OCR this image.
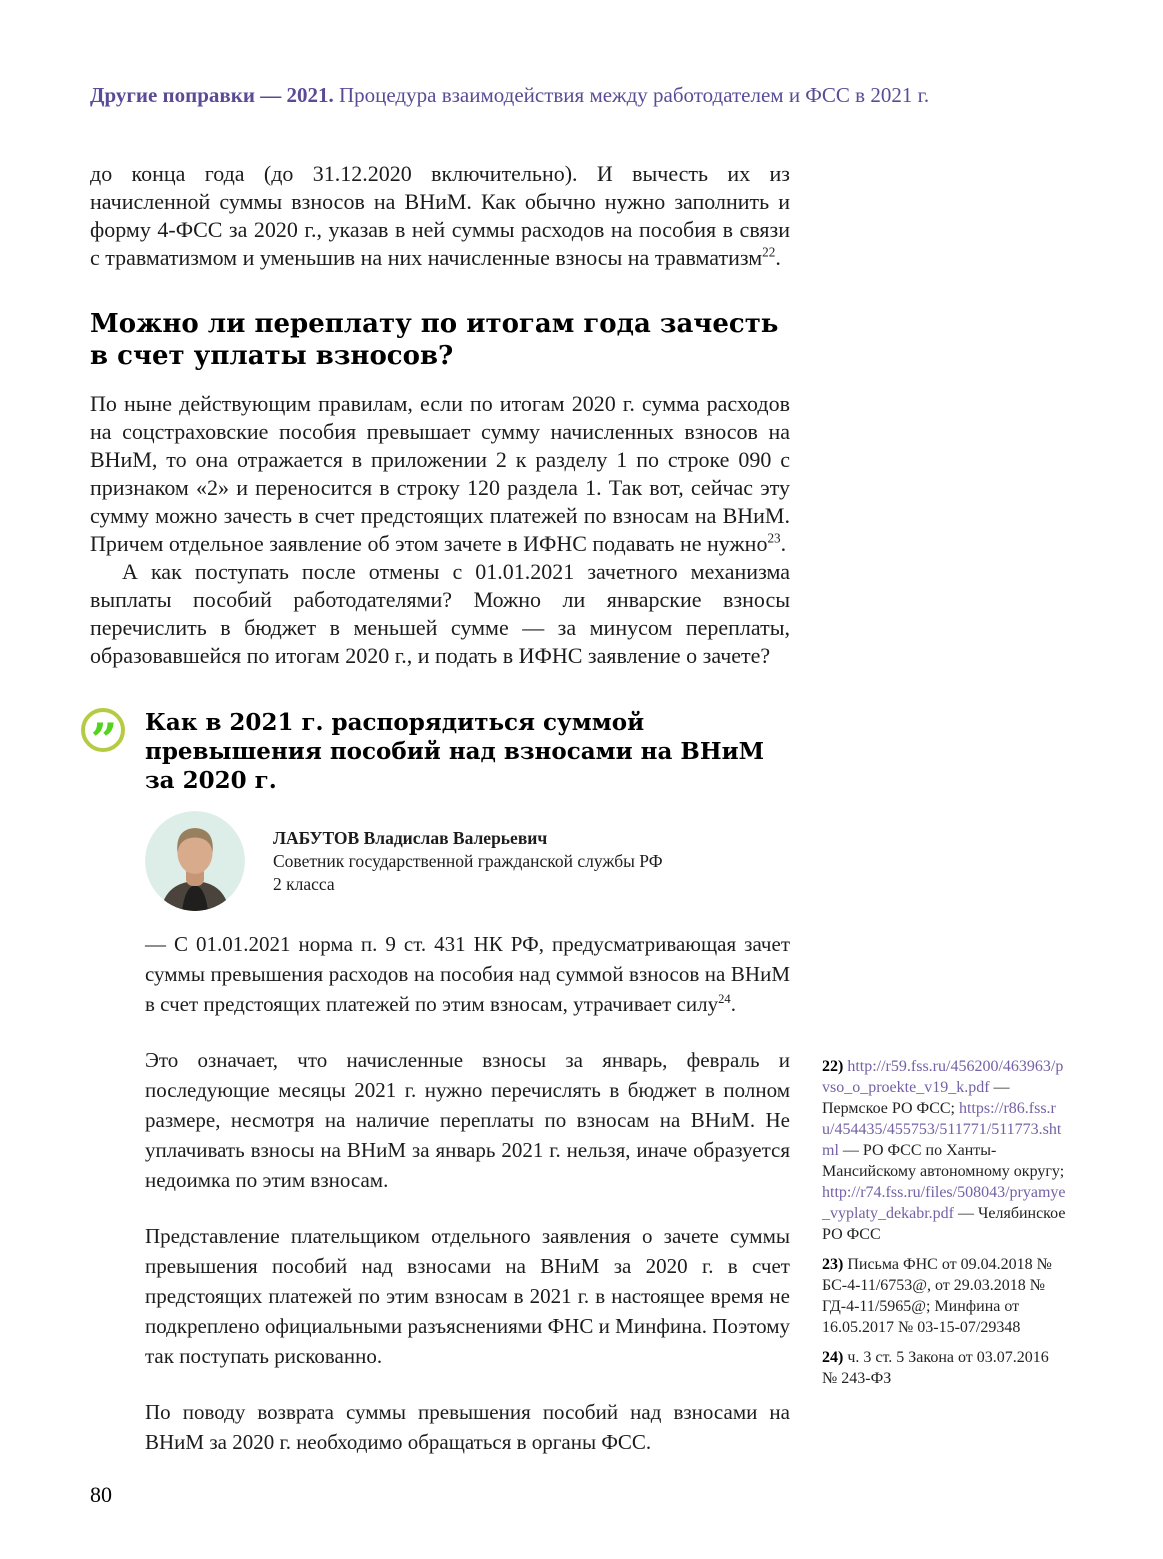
Другие поправки — 2021. Процедура взаимодействия между работодателем и ФСС в 2021 г.

до конца года (до 31.12.2020 включительно). И вычесть их из начисленной суммы взносов на ВНиМ. Как обычно нужно заполнить и форму 4-ФСС за 2020 г., указав в ней суммы расходов на пособия в связи с травматизмом и уменьшив на них начисленные взносы на травматизм$^{22}$.

Можно ли переплату по итогам года зачесть в счет уплаты взносов?

По ныне действующим правилам, если по итогам 2020 г. сумма расходов на соцстраховские пособия превышает сумму начисленных взносов на ВНиМ, то она отражается в приложении 2 к разделу 1 по строке 090 с признаком «2» и переносится в строку 120 раздела 1. Так вот, сейчас эту сумму можно зачесть в счет предстоящих платежей по взносам на ВНиМ. Причем отдельное заявление об этом зачете в ИФНС подавать не нужно$^{23}$.

А как поступать после отмены с 01.01.2021 зачетного механизма выплаты пособий работодателями? Можно ли январские взносы перечислить в бюджет в меньшей сумме — за минусом переплаты, образовавшейся по итогам 2020 г., и подать в ИФНС заявление о зачете?

” Как в 2021 г. распорядиться суммой превышения пособий над взносами на ВНиМ за 2020 г.
ЛАБУТОВ Владислав Валерьевич
Советник государственной гражданской службы РФ
2 класса

— С 01.01.2021 норма п. 9 ст. 431 НК РФ, предусматривающая зачет суммы превышения расходов на пособия над суммой взносов на ВНиМ в счет предстоящих платежей по этим взносам, утрачивает силу$^{24}$.

Это означает, что начисленные взносы за январь, февраль и последующие месяцы 2021 г. нужно перечислять в бюджет в полном размере, несмотря на наличие переплаты по взносам на ВНиМ. Не уплачивать взносы на ВНиМ за январь 2021 г. нельзя, иначе образуется недоимка по этим взносам.

Представление плательщиком отдельного заявления о зачете суммы превышения пособий над взносами на ВНиМ за 2020 г. в счет предстоящих платежей по этим взносам в 2021 г. в настоящее время не подкреплено официальными разъяснениями ФНС и Минфина. Поэтому так поступать рискованно.

По поводу возврата суммы превышения пособий над взносами на ВНиМ за 2020 г. необходимо обращаться в органы ФСС.

22) http://r59.fss.ru/456200/463963/pvso_o_proekte_v19_k.pdf — Пермское РО ФСС; https://r86.fss.ru/454435/455753/511771/511773.shtml — РО ФСС по Ханты-Мансийскому автономному округу; http://r74.fss.ru/files/508043/pryamye_vyplaty_dekabr.pdf — Челябинское РО ФСС
23) Письма ФНС от 09.04.2018 № БС-4-11/6753@, от 29.03.2018 № ГД-4-11/5965@; Минфина от 16.05.2017 № 03-15-07/29348
24) ч. 3 ст. 5 Закона от 03.07.2016 № 243-ФЗ
80
